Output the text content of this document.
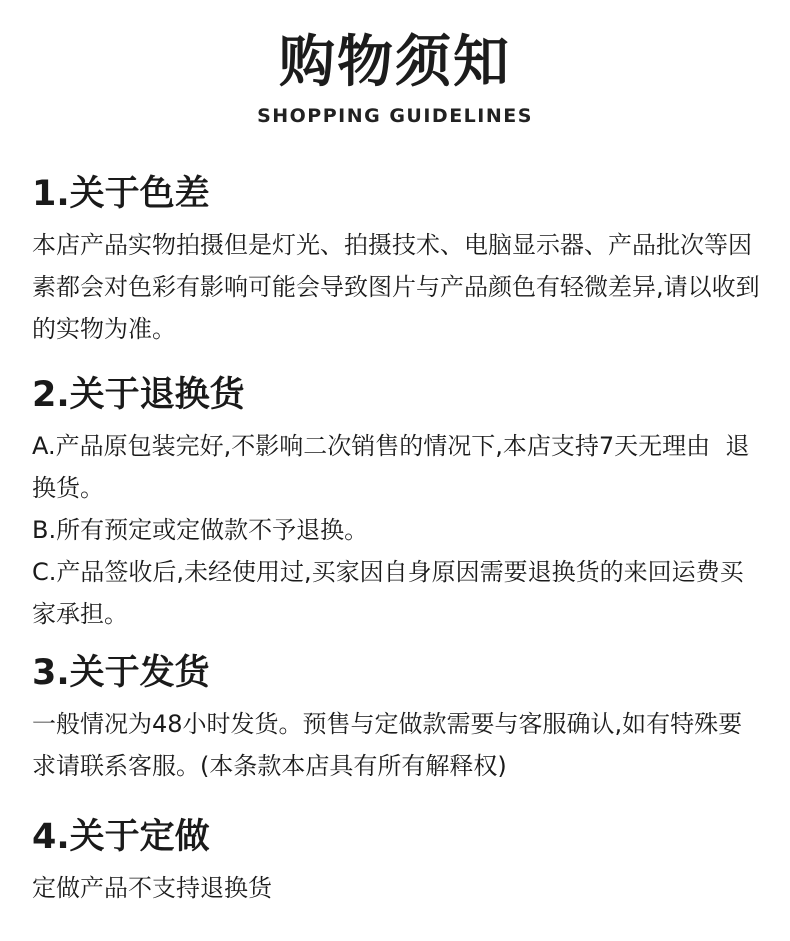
购物须知
SHOPPING GUIDELINES
1.关于色差

本店产品实物拍摄但是灯光、拍摄技术、电脑显示器、产品批次等因素都会对色彩有影响可能会导致图片与产品颜色有轻微差异,请以收到的实物为准。

2.关于退换货

A.产品原包装完好,不影响二次销售的情况下,本店支持7天无理由  退换货。

B.所有预定或定做款不予退换。

C.产品签收后,未经使用过,买家因自身原因需要退换货的来回运费买家承担。

3.关于发货

一般情况为48小时发货。预售与定做款需要与客服确认,如有特殊要求请联系客服。(本条款本店具有所有解释权)

4.关于定做

定做产品不支持退换货
